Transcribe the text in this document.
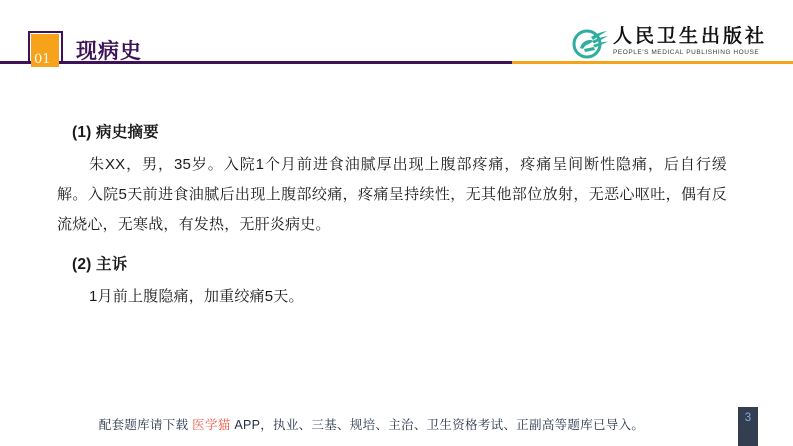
01 现病史
人民卫生出版社
PEOPLE'S MEDICAL PUBLISHING HOUSE
(1) 病史摘要

朱XX，男，35岁。入院1个月前进食油腻厚出现上腹部疼痛，疼痛呈间断性隐痛，后自行缓解。入院5天前进食油腻后出现上腹部绞痛，疼痛呈持续性，无其他部位放射，无恶心呕吐，偶有反流烧心，无寒战，有发热，无肝炎病史。

(2) 主诉

1月前上腹隐痛，加重绞痛5天。

配套题库请下载 医学猫 APP，执业、三基、规培、主治、卫生资格考试、正副高等题库已导入。	3
